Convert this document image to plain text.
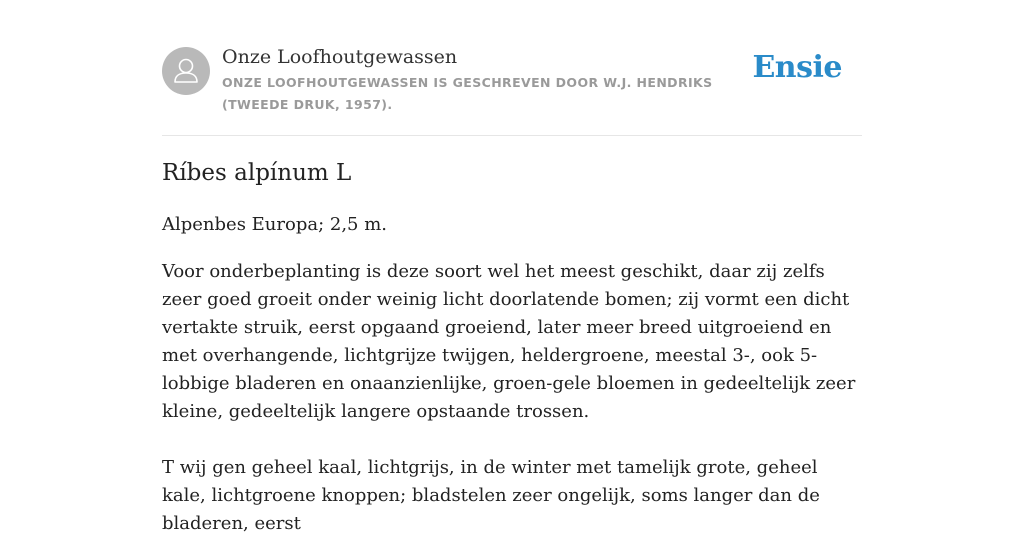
Onze Loofhoutgewassen
ONZE LOOFHOUTGEWASSEN IS GESCHREVEN DOOR W.J. HENDRIKS (TWEEDE DRUK, 1957).
Ensie
Ríbes alpínum L

Alpenbes Europa; 2,5 m.

Voor onderbeplanting is deze soort wel het meest geschikt, daar zij zelfs zeer goed groeit onder weinig licht doorlatende bomen; zij vormt een dicht vertakte struik, eerst opgaand groeiend, later meer breed uitgroeiend en met overhangende, lichtgrijze twijgen, heldergroene, meestal 3-, ook 5-lobbige bladeren en onaanzienlijke, groen-gele bloemen in gedeeltelijk zeer kleine, gedeeltelijk langere opstaande trossen.

T wij gen geheel kaal, lichtgrijs, in de winter met tamelijk grote, geheel kale, lichtgroene knoppen; bladstelen zeer ongelijk, soms langer dan de bladeren, eerst
